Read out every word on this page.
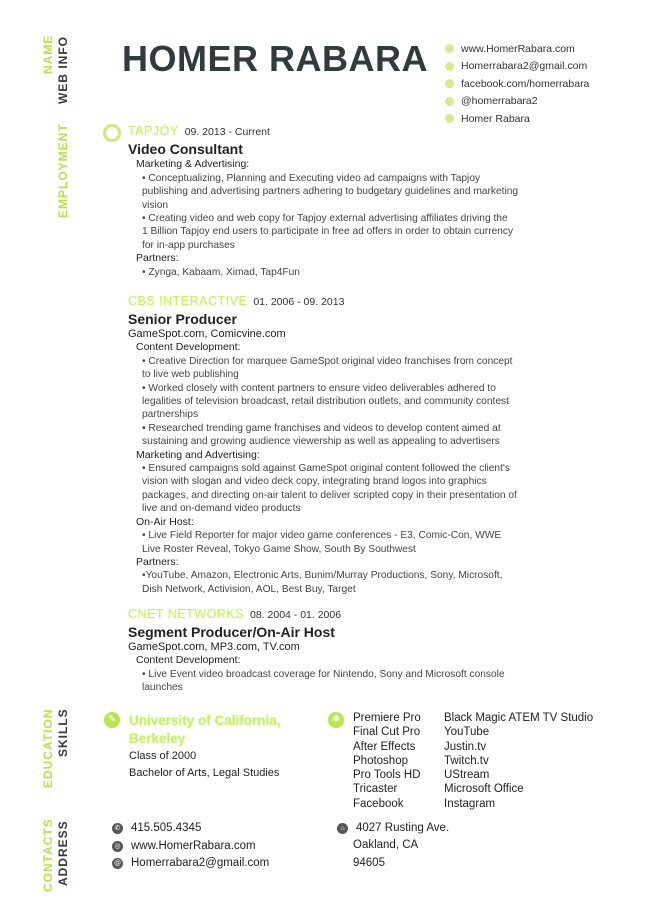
NAME WEB INFO
EMPLOYMENT
EDUCATION SKILLS
CONTACTS ADDRESS
HOMER RABARA	www.HomerRabara.com
Homerrabara2@gmail.com
facebook.com/homerrabara
@homerrabara2
Homer Rabara
TAPJOY 09. 2013 - Current
Video Consultant
Marketing & Advertising:
• Conceptualizing, Planning and Executing video ad campaigns with Tapjoy
publishing and advertising partners adhering to budgetary guidelines and marketing
vision
• Creating video and web copy for Tapjoy external advertising affiliates driving the
1 Billion Tapjoy end users to participate in free ad offers in order to obtain currency
for in-app purchases
Partners:
• Zynga, Kabaam, Ximad, Tap4Fun
CBS INTERACTIVE 01. 2006 - 09. 2013
Senior Producer
GameSpot.com, Comicvine.com
Content Development:
• Creative Direction for marquee GameSpot original video franchises from concept
to live web publishing
• Worked closely with content partners to ensure video deliverables adhered to
legalities of television broadcast, retail distribution outlets, and community contest
partnerships
• Researched trending game franchises and videos to develop content aimed at
sustaining and growing audience viewership as well as appealing to advertisers
Marketing and Advertising:
• Ensured campaigns sold against GameSpot original content followed the client's
vision with slogan and video deck copy, integrating brand logos into graphics
packages, and directing on-air talent to deliver scripted copy in their presentation of
live and on-demand video products
On-Air Host:
• Live Field Reporter for major video game conferences - E3, Comic-Con, WWE
Live Roster Reveal, Tokyo Game Show, South By Southwest
Partners:
•YouTube, Amazon, Electronic Arts, Bunim/Murray Productions, Sony, Microsoft,
Dish Network, Activision, AOL, Best Buy, Target
CNET NETWORKS 08. 2004 - 01. 2006
Segment Producer/On-Air Host
GameSpot.com, MP3.com, TV.com
Content Development:
• Live Event video broadcast coverage for Nintendo, Sony and Microsoft console
launches
✎ University of California,
Berkeley
Class of 2000
Bachelor of Arts, Legal Studies
✱	Premiere Pro
Final Cut Pro
After Effects
Photoshop
Pro Tools HD
Tricaster
Facebook
Black Magic ATEM TV Studio
YouTube
Justin.tv
Twitch.tv
UStream
Microsoft Office
Instagram
✆ 415.505.4345
◎ www.HomerRabara.com
@ Homerrabara2@gmail.com
⌂ 4027 Rusting Ave.
Oakland, CA
94605
